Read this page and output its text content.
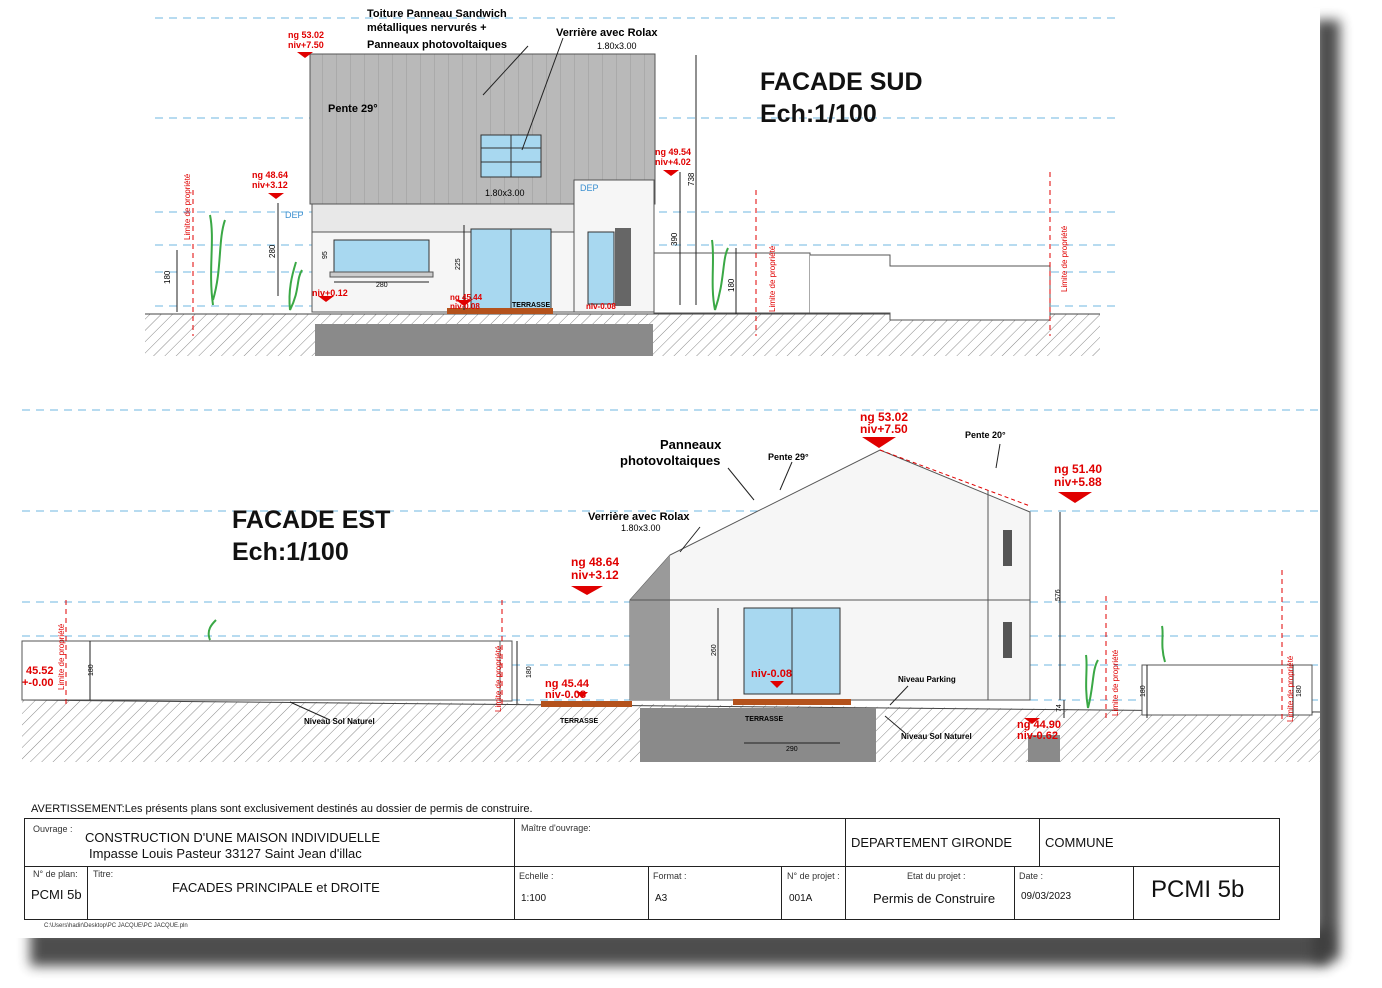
FACADE SUD
Ech:1/100
Toiture Panneau Sandwich
métalliques nervurés +
Panneaux photovoltaiques
Verrière avec Rolax
1.80x3.00
1.80x3.00
Pente 29°
ng 53.02
niv+7.50
ng 48.64
niv+3.12
ng 49.54
niv+4.02
niv+0.12	ng 45.44
niv-0.08	niv-0.08
TERRASSE
DEP
DEP
Limite de propriété
Limite de propriété	Limite de propriété
180
280	95
280
225
390
738
180
FACADE EST
Ech:1/100
Panneaux
photovoltaiques	Pente 29°
Pente 20°
Verrière avec Rolax
1.80x3.00
ng 53.02
niv+7.50
ng 51.40
niv+5.88
ng 48.64
niv+3.12
ng 45.44
niv-0.08
niv-0.08
ng 44.90
niv-0.62
45.52
+-0.00
Niveau Sol Naturel
Niveau Sol Naturel
Niveau Parking
TERRASSE	TERRASSE
Limite de propriété	Limite de propriété	Limite de propriété	Limite de propriété
180	180
260
576
74
180	180
290
AVERTISSEMENT:Les présents plans sont exclusivement destinés au dossier de permis de construire.
Ouvrage :
CONSTRUCTION D'UNE MAISON INDIVIDUELLE
Impasse Louis Pasteur 33127 Saint Jean d'illac
Maître d'ouvrage:
DEPARTEMENT GIRONDE	COMMUNE
N° de plan:
PCMI 5b
Titre:
FACADES PRINCIPALE et DROITE
Echelle :
1:100
Format :
A3
N° de projet :
001A
Etat du projet :
Permis de Construire
Date :
09/03/2023	PCMI 5b
C:\Users\hadir\Desktop\PC JACQUE\PC JACQUE.pln
